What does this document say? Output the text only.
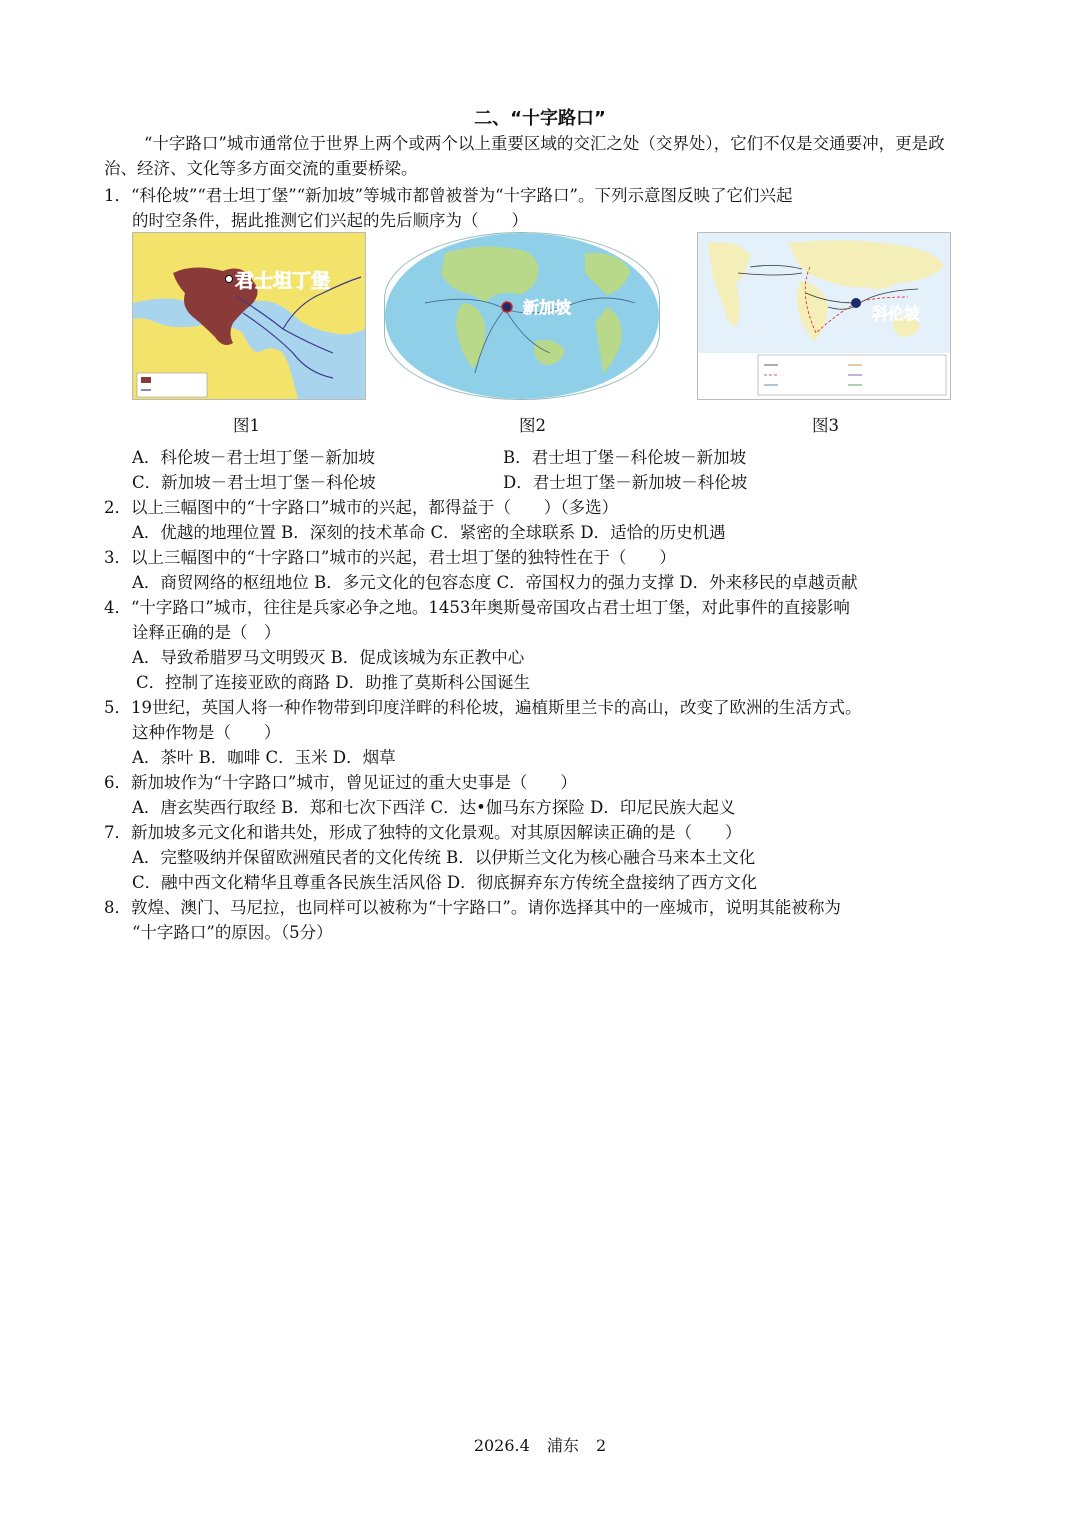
二、“十字路口”
“十字路口”城市通常位于世界上两个或两个以上重要区域的交汇之处（交界处），它们不仅是交通要冲，更是政治、经济、文化等多方面交流的重要桥梁。
1．“科伦坡”“君士坦丁堡”“新加坡”等城市都曾被誉为“十字路口”。下列示意图反映了它们兴起
的时空条件，据此推测它们兴起的先后顺序为（　　）
君士坦丁堡
新加坡	科伦坡
图1	图2	图3
A．科伦坡－君士坦丁堡－新加坡	B．君士坦丁堡－科伦坡－新加坡
C．新加坡－君士坦丁堡－科伦坡	D．君士坦丁堡－新加坡－科伦坡
2．以上三幅图中的“十字路口”城市的兴起，都得益于（　　）（多选）
A．优越的地理位置 B．深刻的技术革命 C．紧密的全球联系 D．适恰的历史机遇
3．以上三幅图中的“十字路口”城市的兴起，君士坦丁堡的独特性在于（　　）
A．商贸网络的枢纽地位 B．多元文化的包容态度 C．帝国权力的强力支撑 D．外来移民的卓越贡献
4．“十字路口”城市，往往是兵家必争之地。1453年奥斯曼帝国攻占君士坦丁堡，对此事件的直接影响
诠释正确的是（　）
A．导致希腊罗马文明毁灭 B．促成该城为东正教中心
C．控制了连接亚欧的商路 D．助推了莫斯科公国诞生
5．19世纪，英国人将一种作物带到印度洋畔的科伦坡，遍植斯里兰卡的高山，改变了欧洲的生活方式。
这种作物是（　　）
A．茶叶 B．咖啡 C．玉米 D．烟草
6．新加坡作为“十字路口”城市，曾见证过的重大史事是（　　）
A．唐玄奘西行取经 B．郑和七次下西洋 C．达•伽马东方探险 D．印尼民族大起义
7．新加坡多元文化和谐共处，形成了独特的文化景观。对其原因解读正确的是（　　）
A．完整吸纳并保留欧洲殖民者的文化传统 B．以伊斯兰文化为核心融合马来本土文化
C．融中西文化精华且尊重各民族生活风俗 D．彻底摒弃东方传统全盘接纳了西方文化
8．敦煌、澳门、马尼拉，也同样可以被称为“十字路口”。请你选择其中的一座城市，说明其能被称为
“十字路口”的原因。（5分）
2026.4 浦东 2
